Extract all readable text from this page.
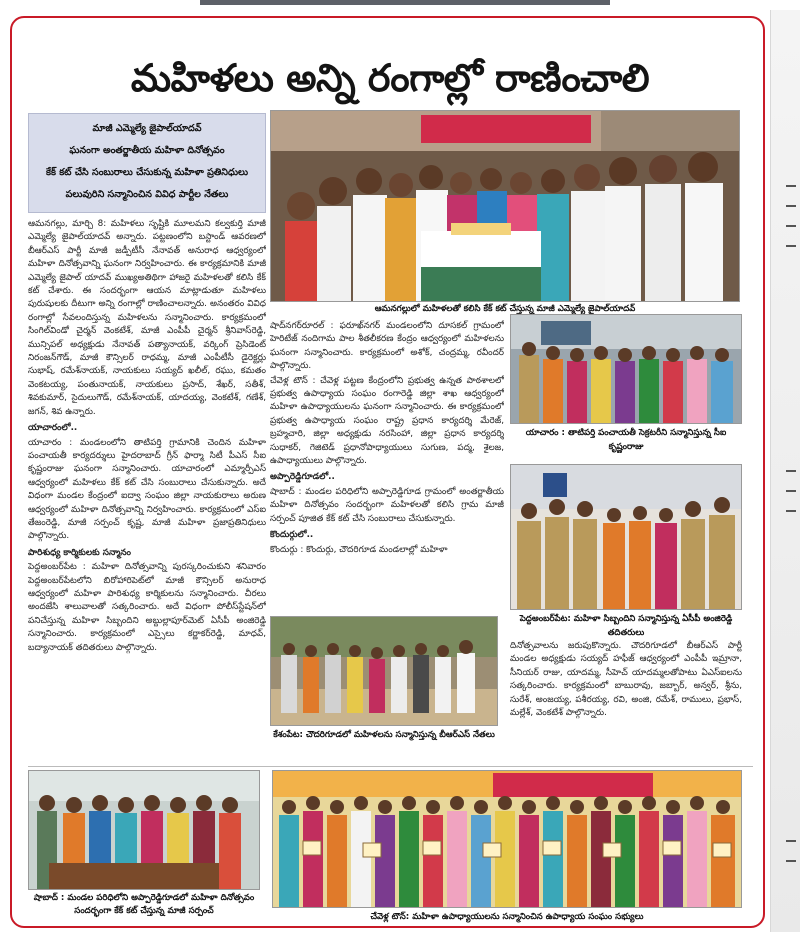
మహిళలు అన్ని రంగాల్లో రాణించాలి
మాజీ ఎమ్మెల్యే జైపాల్‌యాదవ్
ఘనంగా అంతర్జాతీయ మహిళా దినోత్సవం
కేక్ కట్ చేసి సంబురాలు చేసుకున్న మహిళా ప్రతినిధులు
పలువురిని సన్మానించిన వివిధ పార్టీల నేతలు

ఆమనగల్లు, మార్చి 8: మహిళలు సృష్టికి మూలమని కల్వకుర్తి మాజీ ఎమ్మెల్యే జైపాల్‌యాదవ్ అన్నారు. పట్టణంలోని బస్టాండ్ ఆవరణలో బీఆర్ఎస్ పార్టీ మాజీ జడ్పీటీసీ నేనావత్ అనురాధ ఆధ్వర్యంలో మహిళా దినోత్సవాన్ని ఘనంగా నిర్వహించారు. ఈ కార్యక్రమానికి మాజీ ఎమ్మెల్యే జైపాల్ యాదవ్ ముఖ్యఅతిథిగా హాజరై మహిళలతో కలిసి కేక్ కట్ చేశారు. ఈ సందర్భంగా ఆయన మాట్లాడుతూ మహిళలు పురుషులకు దీటుగా అన్ని రంగాల్లో రాణించాలన్నారు. అనంతరం వివిధ రంగాల్లో సేవలందిస్తున్న మహిళలను సన్మానించారు. కార్యక్రమంలో సింగిల్‌విండో చైర్మన్ వెంకటేశ్, మాజీ ఎంపీపీ చైర్మన్ శ్రీనివాస్‌రెడ్డి, మున్సిపల్ అధ్యక్షుడు నేనావత్ పత్యానాయక్, వర్కింగ్ ప్రెసిడెంట్ నిరంజన్‌గౌడ్, మాజీ కౌన్సిలర్ రాధమ్మ, మాజీ ఎంపీటీసీ డైరెక్టర్లు సుభాష్, రమేశ్‌నాయక్, నాయకులు సయ్యద్ ఖలీల్, రఘు, కమతం వెంకటయ్య, పంతునాయక్, నాయకులు ప్రసాద్, శేఖర్, సతీశ్, శివకుమార్, సైదులుగౌడ్, రమేశ్‌నాయక్, యాదయ్య, వెంకటేశ్, గణేశ్, జగన్, శివ ఉన్నారు.

యాచారంలో..

యాచారం : మండలంలోని తాటిపర్తి గ్రామానికి చెందిన మహిళా పంచాయతీ కార్యదర్శులు హైదరాబాద్ గ్రీన్ ఫార్మా సిటీ పీఎస్ సీఐ కృష్ణంరాజు ఘనంగా సన్మానించారు. యాచారంలో ఎమ్మార్పీఎస్ ఆధ్వర్యంలో మహిళలు కేక్ కట్ చేసి సంబురాలు చేసుకున్నారు. అదే విధంగా మండల కేంద్రంలో ఐద్వా సంఘం జిల్లా నాయకురాలు అరుణ ఆధ్వర్యంలో మహిళా దినోత్సవాన్ని నిర్వహించారు. కార్యక్రమంలో ఎస్ఐ తేజంరెడ్డి, మాజీ సర్పంచ్ కృష్ణ, మాజీ మహిళా ప్రజాప్రతినిధులు పాల్గొన్నారు.

పారిశుధ్య కార్మికులకు సన్మానం

పెద్దఅంబర్‌పేట : మహిళా దినోత్సవాన్ని పురస్కరించుకుని శనివారం పెద్దఅంబర్‌పేటలోని బిరోహారిపెట్‌లో మాజీ కౌన్సిలర్ అనురాధ ఆధ్వర్యంలో మహిళా పారిశుధ్య కార్మికులను సన్మానించారు. చీరలు అందజేసి శాలువాలతో సత్కరించారు. అదే విధంగా పోలీస్‌స్టేషన్‌లో పనిచేస్తున్న మహిళా సిబ్బందిని అబ్దుల్లాపూర్‌మెట్ ఏసీపీ అంజిరెడ్డి సన్మానించారు. కార్యక్రమంలో ఎస్సైలు కర్ణాకర్‌రెడ్డి, మాధవ్, బద్యానాయక్ తదితరులు పాల్గొన్నారు.

ఆమనగల్లులో మహిళలతో కలిసి కేక్ కట్ చేస్తున్న మాజీ ఎమ్మెల్యే జైపాల్‌యాదవ్

షాద్‌నగర్‌రూరల్ : ఫరూఖ్‌నగర్ మండలంలోని దూసకల్ గ్రామంలో హెరిటేజ్ నందిగామ పాల శీతలీకరణ కేంద్రం ఆధ్వర్యంలో మహిళలను ఘనంగా సన్మానించారు. కార్యక్రమంలో అశోక్, చంద్రమ్మ, రవీందర్ పాల్గొన్నారు.

చేవెళ్ల టౌన్ : చేవెళ్ల పట్టణ కేంద్రంలోని ప్రభుత్వ ఉన్నత పాఠశాలలో ప్రభుత్వ ఉపాధ్యాయ సంఘం రంగారెడ్డి జిల్లా శాఖ ఆధ్వర్యంలో మహిళా ఉపాధ్యాయులను ఘనంగా సన్మానించారు. ఈ కార్యక్రమంలో ప్రభుత్వ ఉపాధ్యాయ సంఘం రాష్ట్ర ప్రధాన కార్యదర్శి మేరెజ్, బ్రహ్మచారి, జిల్లా అధ్యక్షుడు నరసింహా, జిల్లా ప్రధాన కార్యదర్శి సుధాకర్, గెజిటెడ్ ప్రధానోపాధ్యాయులు సుగుణ, పద్మ, శైలజ, ఉపాధ్యాయులు పాల్గొన్నారు.

అప్పారెడ్డిగూడలో..

షాబాద్ : మండల పరిధిలోని అప్పారెడ్డిగూడ గ్రామంలో అంతర్జాతీయ మహిళా దినోత్సవం సందర్భంగా మహిళలతో కలిసి గ్రామ మాజీ సర్పంచ్ పూజిత కేక్ కట్ చేసి సంబురాలు చేసుకున్నారు.

కొందుర్గులో..

కొందుర్గు : కొందుర్గు, చౌదరిగూడ మండలాల్లో మహిళా

యాచారం : తాటిపర్తి పంచాయతీ సెక్రటరీని సన్మానిస్తున్న సీఐ కృష్ణంరాజు
పెద్దఅంబర్‌పేట: మహిళా సిబ్బందిని సన్మానిస్తున్న ఏసీపీ అంజిరెడ్డి తదితరులు
కేశంపేట: చౌదరిగూడలో మహిళలను సన్మానిస్తున్న బీఆర్ఎస్ నేతలు

దినోత్సవాలను జరుపుకొన్నారు. చౌదరిగూడలో బీఆర్ఎస్ పార్టీ మండల అధ్యక్షుడు సయ్యద్ హఫీజ్ ఆధ్వర్యంలో ఎంపీపీ ఇమ్రానా, సీనియర్ రాజు, యాదమ్మ, సీహెచ్ యాదమ్మలతోపాటు ఏఎస్ఐలను సత్కరించారు. కార్యక్రమంలో బాబురావు, జబ్బార్, అన్వర్, శ్రీను, సురేశ్, అంజయ్య, పశీరయ్య, రవి, అంజి, రమేశ్, రాములు, ప్రభాస్, మల్లేశ్, వెంకటేశ్ పాల్గొన్నారు.

షాబాద్ : మండల పరిధిలోని అప్పారెడ్డిగూడలో మహిళా దినోత్సవం సందర్భంగా కేక్ కట్ చేస్తున్న మాజీ సర్పంచ్
చేవెళ్ల టౌన్: మహిళా ఉపాధ్యాయులను సన్మానించిన ఉపాధ్యాయ సంఘం సభ్యులు
